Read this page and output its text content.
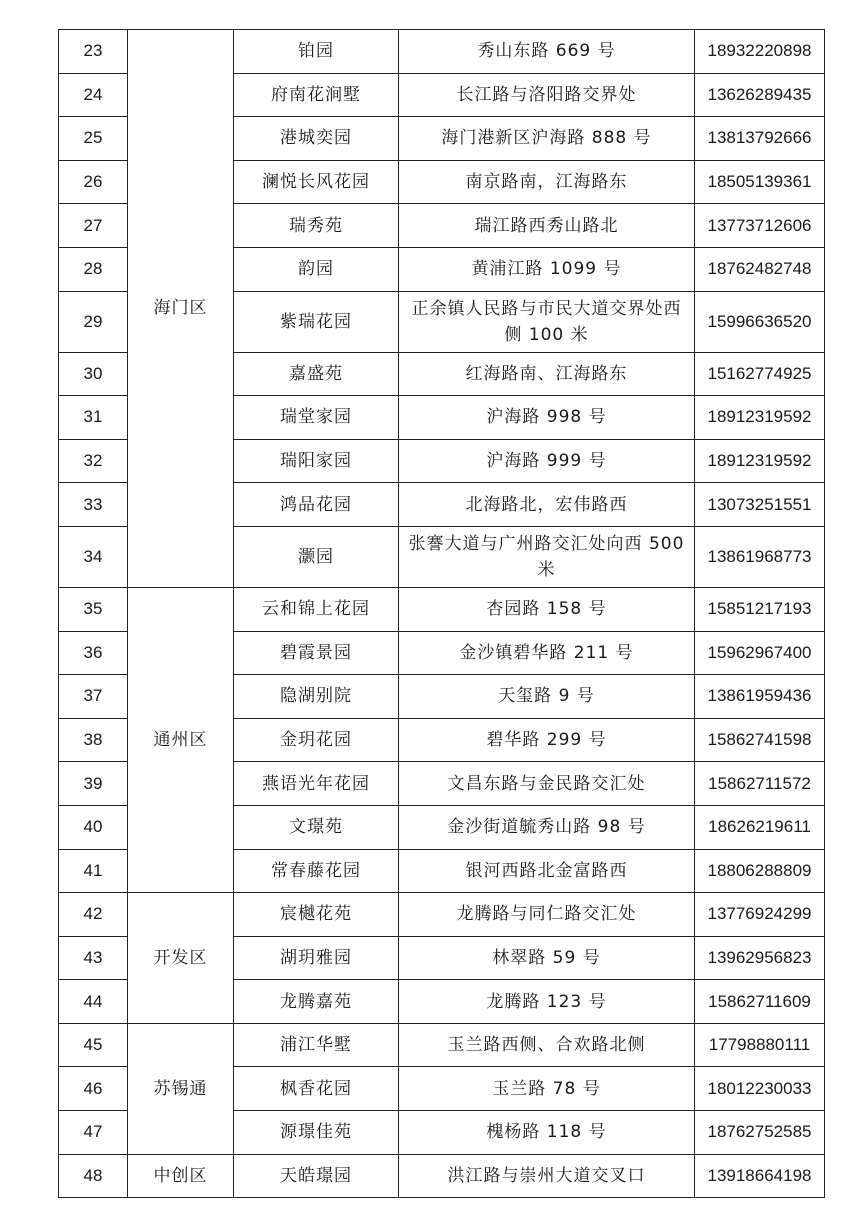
23	海门区	铂园	秀山东路 669 号	18932220898
24		府南花涧墅	长江路与洛阳路交界处	13626289435
25		港城奕园	海门港新区沪海路 888 号	13813792666
26		澜悦长风花园	南京路南，江海路东	18505139361
27		瑞秀苑	瑞江路西秀山路北	13773712606
28		韵园	黄浦江路 1099 号	18762482748
29		紫瑞花园	正余镇人民路与市民大道交界处西侧 100 米	15996636520
30		嘉盛苑	红海路南、江海路东	15162774925
31		瑞堂家园	沪海路 998 号	18912319592
32		瑞阳家园	沪海路 999 号	18912319592
33		鸿品花园	北海路北，宏伟路西	13073251551
34		灏园	张謇大道与广州路交汇处向西 500 米	13861968773
35	通州区	云和锦上花园	杏园路 158 号	15851217193
36		碧霞景园	金沙镇碧华路 211 号	15962967400
37		隐湖别院	天玺路 9 号	13861959436
38		金玥花园	碧华路 299 号	15862741598
39		燕语光年花园	文昌东路与金民路交汇处	15862711572
40		文璟苑	金沙街道毓秀山路 98 号	18626219611
41		常春藤花园	银河西路北金富路西	18806288809
42	开发区	宸樾花苑	龙腾路与同仁路交汇处	13776924299
43		湖玥雅园	林翠路 59 号	13962956823
44		龙腾嘉苑	龙腾路 123 号	15862711609
45	苏锡通	浦江华墅	玉兰路西侧、合欢路北侧	17798880111
46		枫香花园	玉兰路 78 号	18012230033
47		源璟佳苑	槐杨路 118 号	18762752585
48	中创区	天皓璟园	洪江路与崇州大道交叉口	13918664198
